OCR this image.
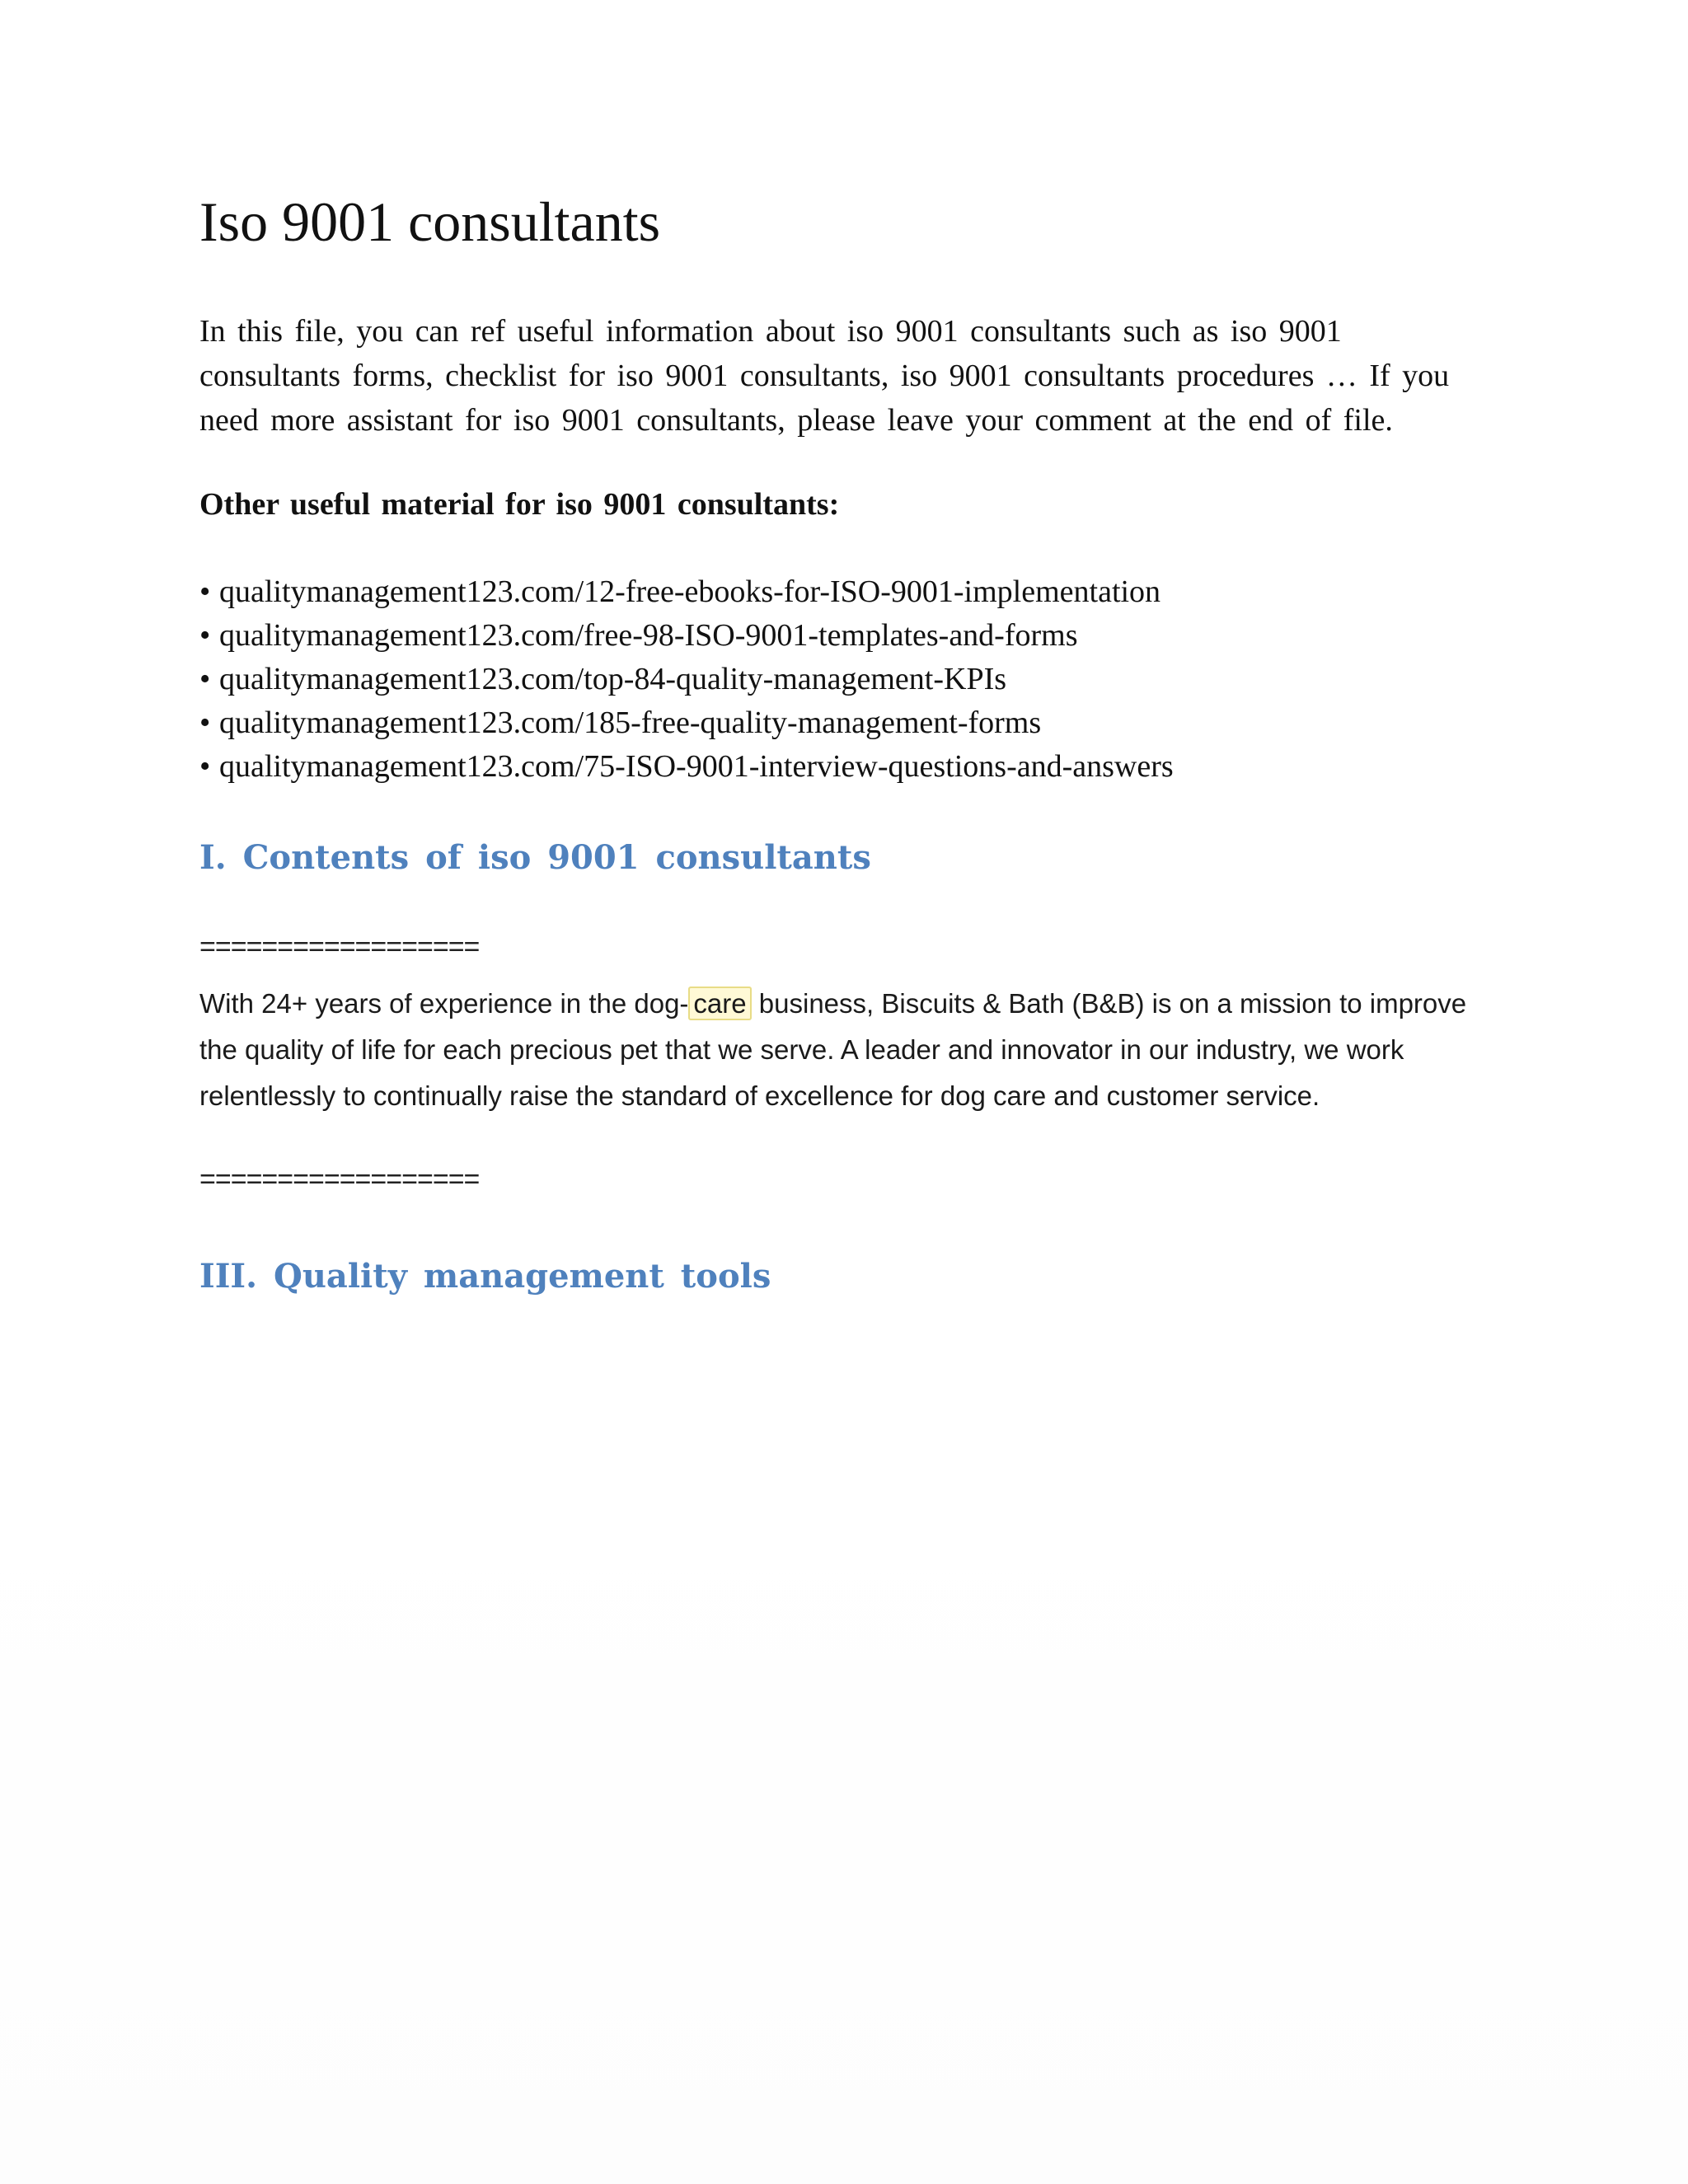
Iso 9001 consultants

In this file, you can ref useful information about iso 9001 consultants such as iso 9001
consultants forms, checklist for iso 9001 consultants, iso 9001 consultants procedures … If you
need more assistant for iso 9001 consultants, please leave your comment at the end of file.

Other useful material for iso 9001 consultants:
• qualitymanagement123.com/12-free-ebooks-for-ISO-9001-implementation
• qualitymanagement123.com/free-98-ISO-9001-templates-and-forms
• qualitymanagement123.com/top-84-quality-management-KPIs
• qualitymanagement123.com/185-free-quality-management-forms
• qualitymanagement123.com/75-ISO-9001-interview-questions-and-answers
I. Contents of iso 9001 consultants
==================

With 24+ years of experience in the dog- care business, Biscuits & Bath (B&B) is on a mission to improve
the quality of life for each precious pet that we serve. A leader and innovator in our industry, we work
relentlessly to continually raise the standard of excellence for dog care and customer service.

==================
III. Quality management tools
